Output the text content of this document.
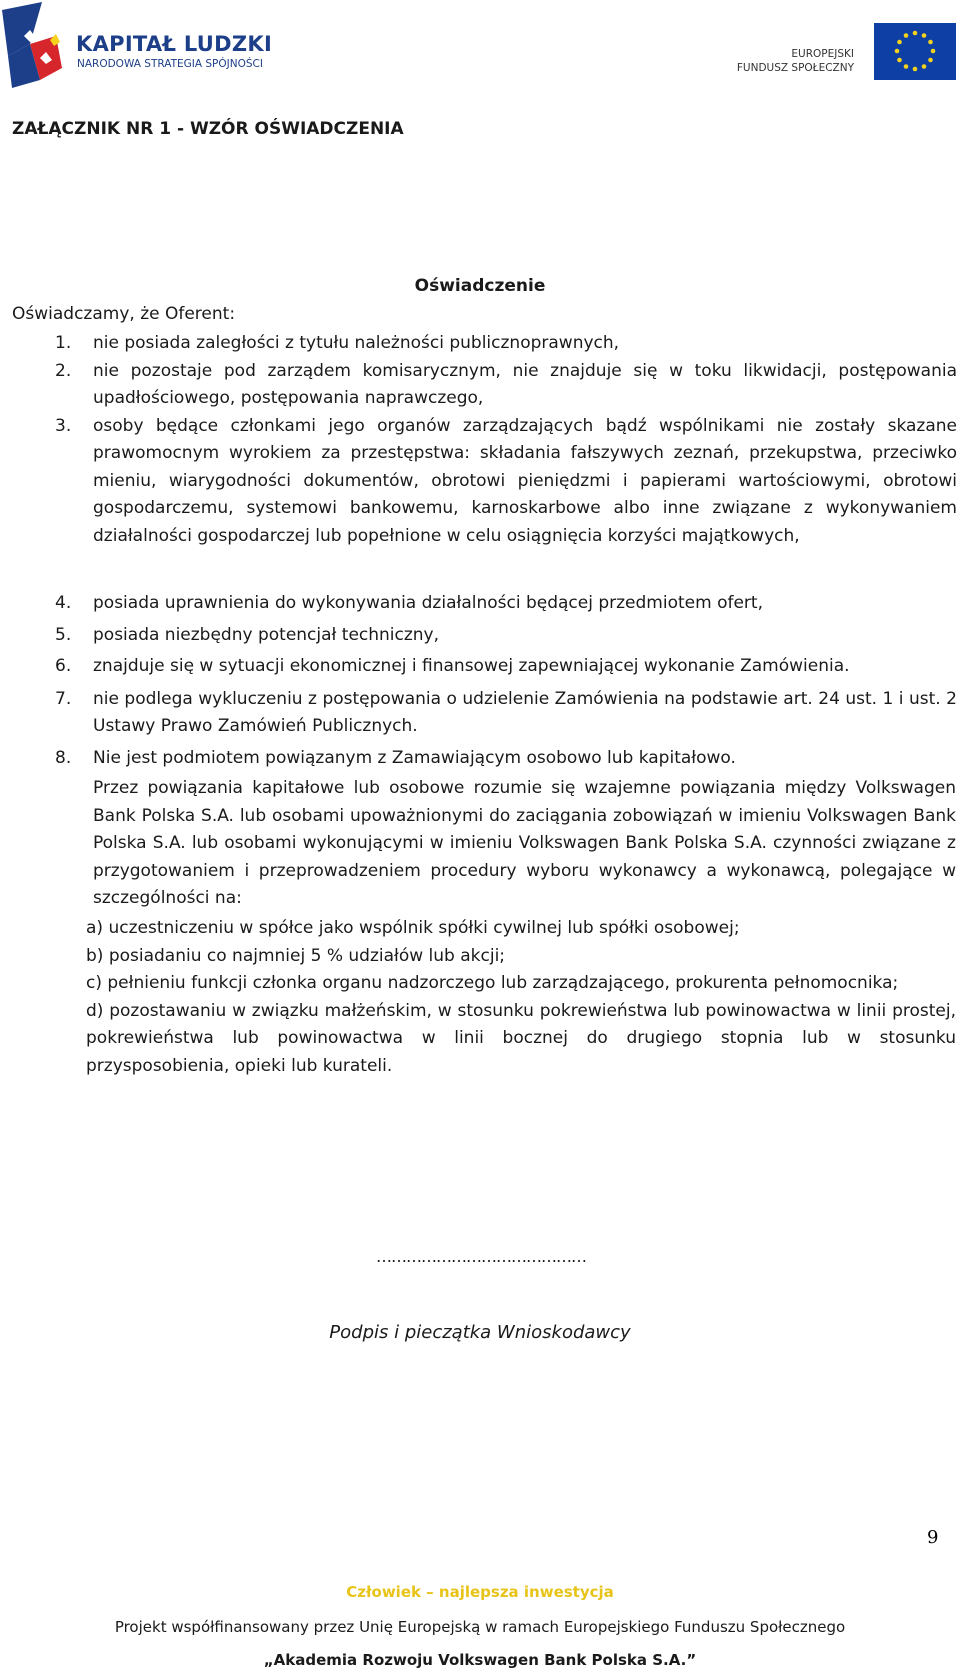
KAPITAŁ LUDZKI
NARODOWA STRATEGIA SPÓJNOŚCI
EUROPEJSKI
FUNDUSZ SPOŁECZNY
ZAŁĄCZNIK NR 1 - WZÓR OŚWIADCZENIA
Oświadczenie
Oświadczamy, że Oferent:
1. nie posiada zaległości z tytułu należności publicznoprawnych,
2. nie pozostaje pod zarządem komisarycznym, nie znajduje się w toku likwidacji, postępowania upadłościowego, postępowania naprawczego,
3. osoby będące członkami jego organów zarządzających bądź wspólnikami nie zostały skazane prawomocnym wyrokiem za przestępstwa: składania fałszywych zeznań, przekupstwa, przeciwko mieniu, wiarygodności dokumentów, obrotowi pieniędzmi i papierami wartościowymi, obrotowi gospodarczemu, systemowi bankowemu, karnoskarbowe albo inne związane z wykonywaniem działalności gospodarczej lub popełnione w celu osiągnięcia korzyści majątkowych,
4. posiada uprawnienia do wykonywania działalności będącej przedmiotem ofert,
5. posiada niezbędny potencjał techniczny,
6. znajduje się w sytuacji ekonomicznej i finansowej zapewniającej wykonanie Zamówienia.
7. nie podlega wykluczeniu z postępowania o udzielenie Zamówienia na podstawie art. 24 ust. 1 i ust. 2 Ustawy Prawo Zamówień Publicznych.
8. Nie jest podmiotem powiązanym z Zamawiającym osobowo lub kapitałowo.
Przez powiązania kapitałowe lub osobowe rozumie się wzajemne powiązania między Volkswagen Bank Polska S.A. lub osobami upoważnionymi do zaciągania zobowiązań w imieniu Volkswagen Bank Polska S.A. lub osobami wykonującymi w imieniu Volkswagen Bank Polska S.A. czynności związane z przygotowaniem i przeprowadzeniem procedury wyboru wykonawcy a wykonawcą, polegające w szczególności na:

a) uczestniczeniu w spółce jako wspólnik spółki cywilnej lub spółki osobowej;

b) posiadaniu co najmniej 5 % udziałów lub akcji;

c) pełnieniu funkcji członka organu nadzorczego lub zarządzającego, prokurenta pełnomocnika;

d) pozostawaniu w związku małżeńskim, w stosunku pokrewieństwa lub powinowactwa w linii prostej, pokrewieństwa lub powinowactwa w linii bocznej do drugiego stopnia lub w stosunku przysposobienia, opieki lub kurateli.

……………………………………
Podpis i pieczątka Wnioskodawcy
9
Człowiek – najlepsza inwestycja
Projekt współfinansowany przez Unię Europejską w ramach Europejskiego Funduszu Społecznego
„Akademia Rozwoju Volkswagen Bank Polska S.A.”
